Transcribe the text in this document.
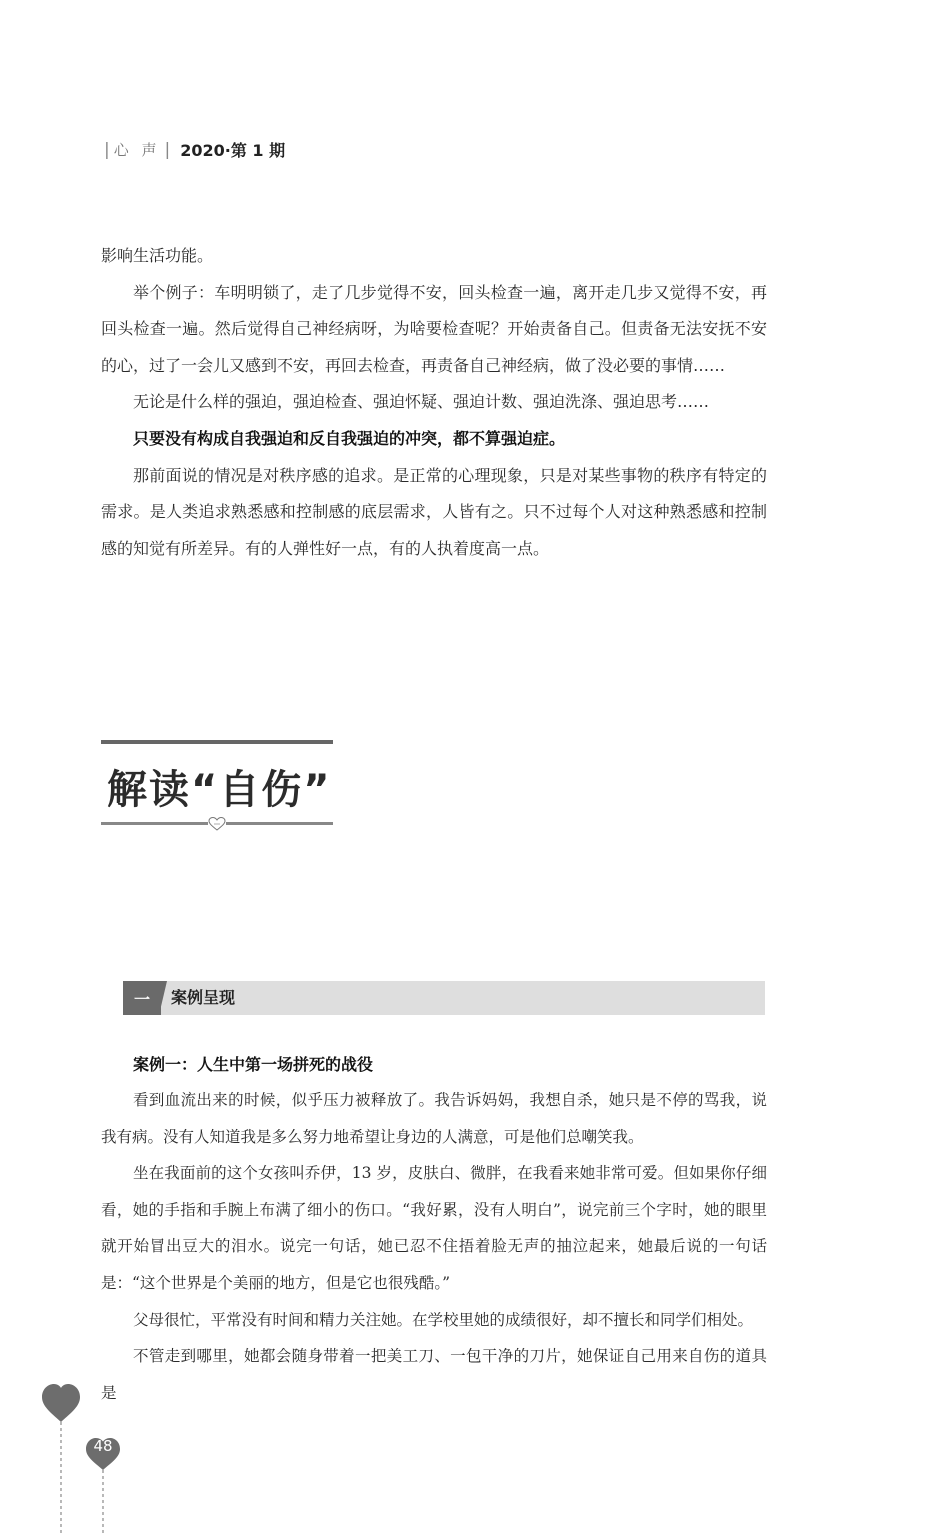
| 心 声 | 2020·第 1 期

影响生活功能。

举个例子：车明明锁了，走了几步觉得不安，回头检查一遍，离开走几步又觉得不安，再回头检查一遍。然后觉得自己神经病呀，为啥要检查呢？开始责备自己。但责备无法安抚不安的心，过了一会儿又感到不安，再回去检查，再责备自己神经病，做了没必要的事情……

无论是什么样的强迫，强迫检查、强迫怀疑、强迫计数、强迫洗涤、强迫思考……

只要没有构成自我强迫和反自我强迫的冲突，都不算强迫症。

那前面说的情况是对秩序感的追求。是正常的心理现象，只是对某些事物的秩序有特定的需求。是人类追求熟悉感和控制感的底层需求，人皆有之。只不过每个人对这种熟悉感和控制感的知觉有所差异。有的人弹性好一点，有的人执着度高一点。

解读“自伤”
一	案例呈现
案例一：人生中第一场拼死的战役

看到血流出来的时候，似乎压力被释放了。我告诉妈妈，我想自杀，她只是不停的骂我，说我有病。没有人知道我是多么努力地希望让身边的人满意，可是他们总嘲笑我。

坐在我面前的这个女孩叫乔伊，13 岁，皮肤白、微胖，在我看来她非常可爱。但如果你仔细看，她的手指和手腕上布满了细小的伤口。“我好累，没有人明白”，说完前三个字时，她的眼里就开始冒出豆大的泪水。说完一句话，她已忍不住捂着脸无声的抽泣起来，她最后说的一句话是：“这个世界是个美丽的地方，但是它也很残酷。”

父母很忙，平常没有时间和精力关注她。在学校里她的成绩很好，却不擅长和同学们相处。

不管走到哪里，她都会随身带着一把美工刀、一包干净的刀片，她保证自己用来自伤的道具是

48
